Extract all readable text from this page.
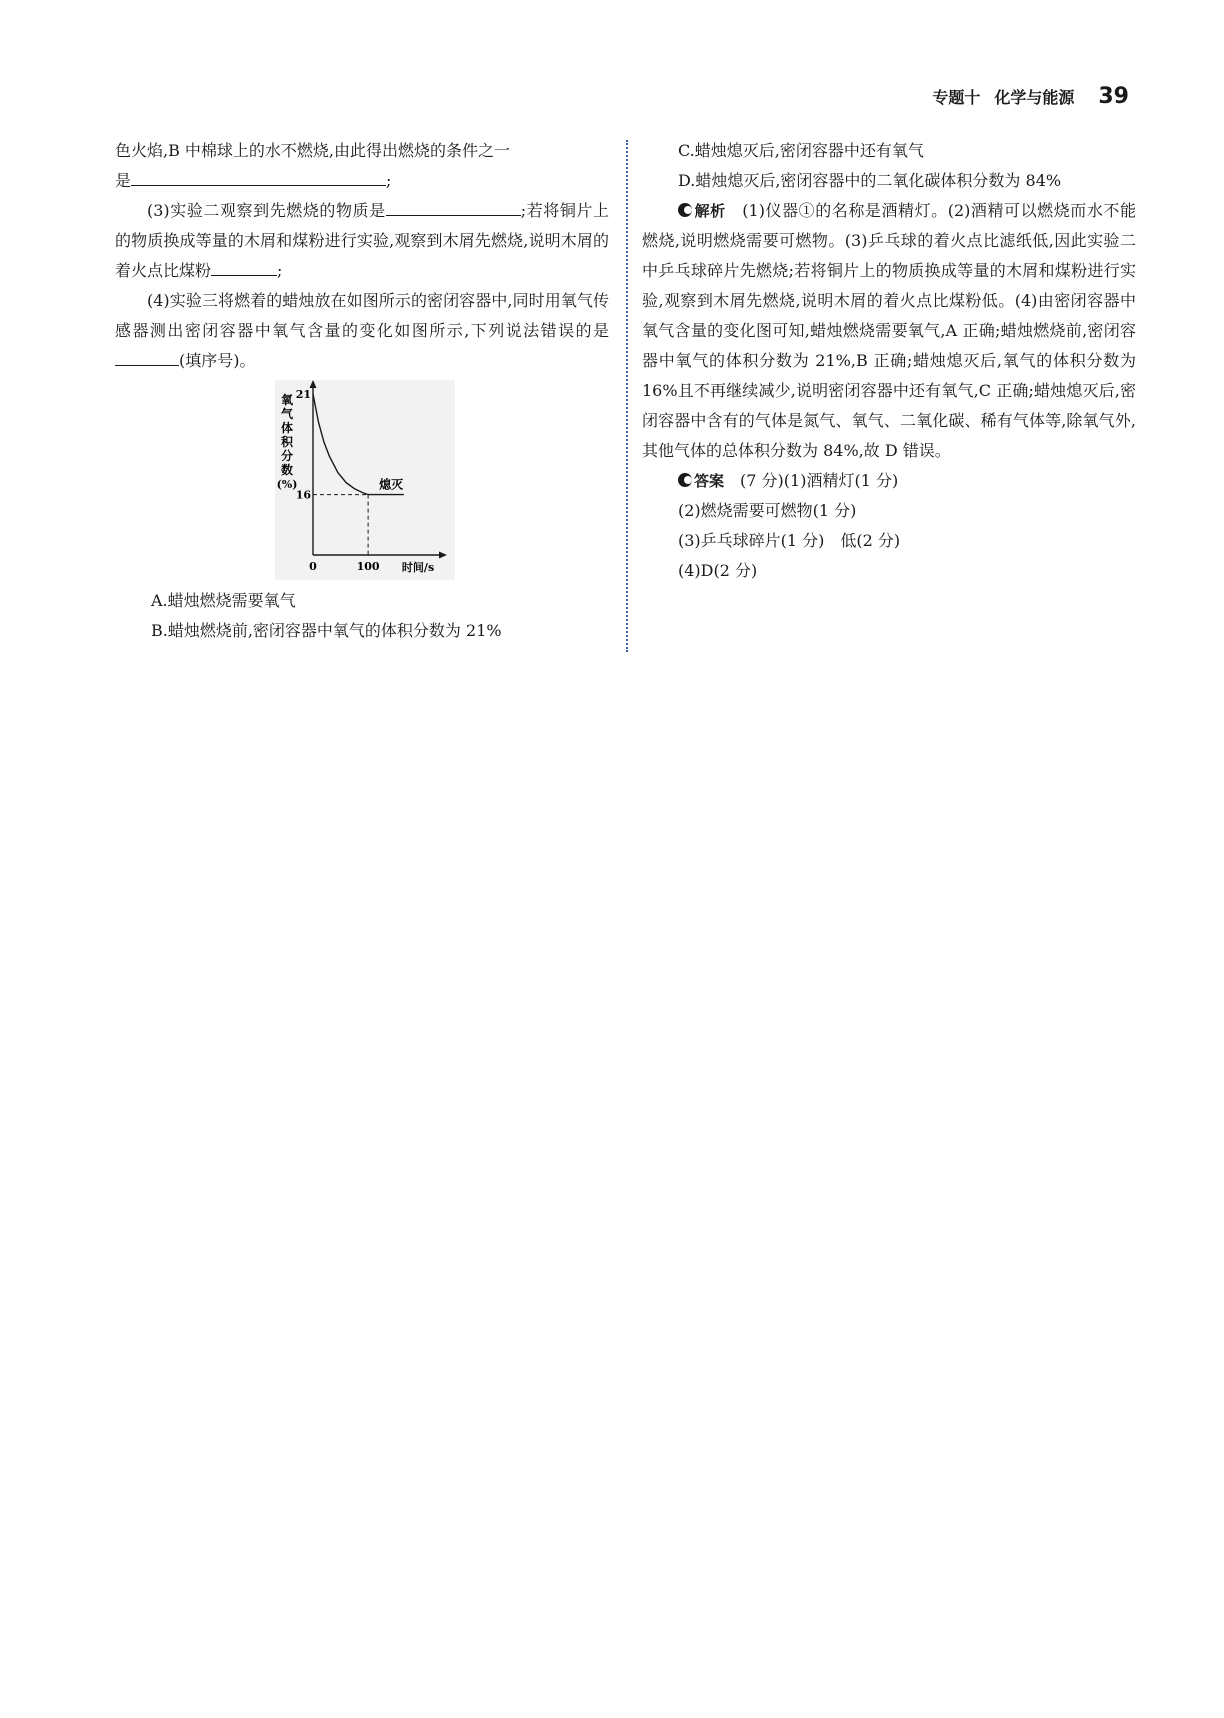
专题十 化学与能源 39

色火焰,B 中棉球上的水不燃烧,由此得出燃烧的条件之一

是	;

(3)实验二观察到先燃烧的物质是	;若将铜片上的物质换成等量的木屑和煤粉进行实验,观察到木屑先燃烧,说明木屑的着火点比煤粉	;

(4)实验三将燃着的蜡烛放在如图所示的密闭容器中,同时用氧气传感器测出密闭容器中氧气含量的变化如图所示,下列说法错误的是(填序号)。

氧
气
体
积
分
数
(%)
21
16
0	100 时间/s
熄灭

A.蜡烛燃烧需要氧气

B.蜡烛燃烧前,密闭容器中氧气的体积分数为 21%

C.蜡烛熄灭后,密闭容器中还有氧气

D.蜡烛熄灭后,密闭容器中的二氧化碳体积分数为 84%

解析　 (1)仪器①的名称是酒精灯。(2)酒精可以燃烧而水不能燃烧,说明燃烧需要可燃物。(3)乒乓球的着火点比滤纸低,因此实验二中乒乓球碎片先燃烧;若将铜片上的物质换成等量的木屑和煤粉进行实验,观察到木屑先燃烧,说明木屑的着火点比煤粉低。(4)由密闭容器中氧气含量的变化图可知,蜡烛燃烧需要氧气,A 正确;蜡烛燃烧前,密闭容器中氧气的体积分数为 21%,B 正确;蜡烛熄灭后,氧气的体积分数为 16%且不再继续减少,说明密闭容器中还有氧气,C 正确;蜡烛熄灭后,密闭容器中含有的气体是氮气、氧气、二氧化碳、稀有气体等,除氧气外,其他气体的总体积分数为 84%,故 D 错误。

答案　 (7 分)(1)酒精灯(1 分)

(2)燃烧需要可燃物(1 分)

(3)乒乓球碎片(1 分)　低(2 分)

(4)D(2 分)
